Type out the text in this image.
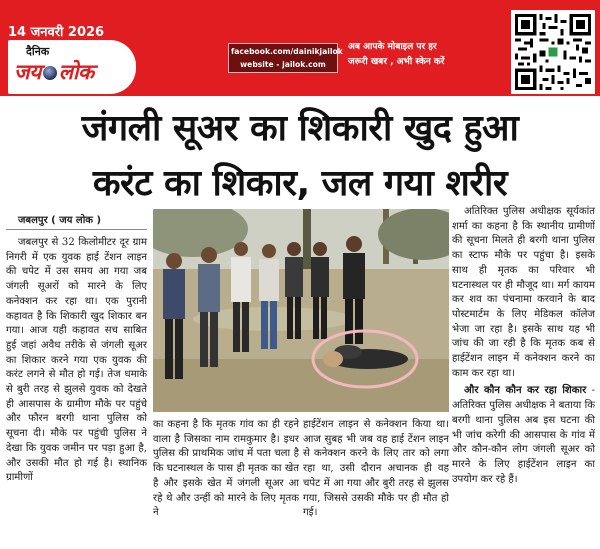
14 जनवरी 2026
दैनिक
जय लोक
facebook.com/dainikjailok
website - jailok.com
अब आपके मोबाइल पर हर
जरूरी खबर , अभी स्केन करें
जंगली सूअर का शिकारी खुद हुआ
करंट का शिकार, जल गया शरीर
जबलपुर ( जय लोक )

जबलपुर से 32 किलोमीटर दूर ग्राम निगरी में एक युवक हाई टेंशन लाइन की चपेट में उस समय आ गया जब जंगली सूअरों को मारने के लिए कनेक्शन कर रहा था। एक पुरानी कहावत है कि शिकारी खुद शिकार बन गया। आज यही कहावत सच साबित हुई जहां अवैध तरीके से जंगली सूअर का शिकार करने गया एक युवक की करंट लगने से मौत हो गई। तेज धमाके से बुरी तरह से झुलसे युवक को देखते ही आसपास के ग्रामीण मौके पर पहुंचे और फौरन बरगी थाना पुलिस को सूचना दी। मौके पर पहुंची पुलिस ने देखा कि युवक जमीन पर पड़ा हुआ है, और उसकी मौत हो गई है। स्थानिक ग्रामीणों

का कहना है कि मृतक गांव का ही रहने वाला है जिसका नाम रामकुमार है। इधर पुलिस की प्राथमिक जांच में पता चला है कि घटनास्थल के पास ही मृतक का खेत है और इसके खेत में जंगली सूअर आ रहे थे और उन्हीं को मारने के लिए मृतक ने

हाईटेंशन लाइन से कनेक्शन किया था। आज सुबह भी जब वह हाई टेंशन लाइन से कनेक्शन करने के लिए तार को लगा रहा था, उसी दौरान अचानक ही वह चपेट में आ गया और बुरी तरह से झुलस गया, जिससे उसकी मौके पर ही मौत हो गई।

अतिरिक्त पुलिस अधीक्षक सूर्यकांत शर्मा का कहना है कि स्थानीय ग्रामीणों की सूचना मिलते ही बरगी थाना पुलिस का स्टाफ मौके पर पहुंचा है। इसके साथ ही मृतक का परिवार भी घटनास्थल पर ही मौजूद था। मर्ग कायम कर शव का पंचनामा करवाने के बाद पोस्टमार्टम के लिए मेडिकल कॉलेज भेजा जा रहा है। इसके साथ यह भी जांच की जा रही है कि मृतक कब से हाईटेंशन लाइन में कनेक्शन करने का काम कर रहा था।

और कौन कौन कर रहा शिकार - अतिरिक्त पुलिस अधीक्षक ने बताया कि बरगी थाना पुलिस अब इस घटना की भी जांच करेगी की आसपास के गांव में और कौन-कौन लोग जंगली सूअर को मारने के लिए हाईटेंशन लाइन का उपयोग कर रहे हैं।
